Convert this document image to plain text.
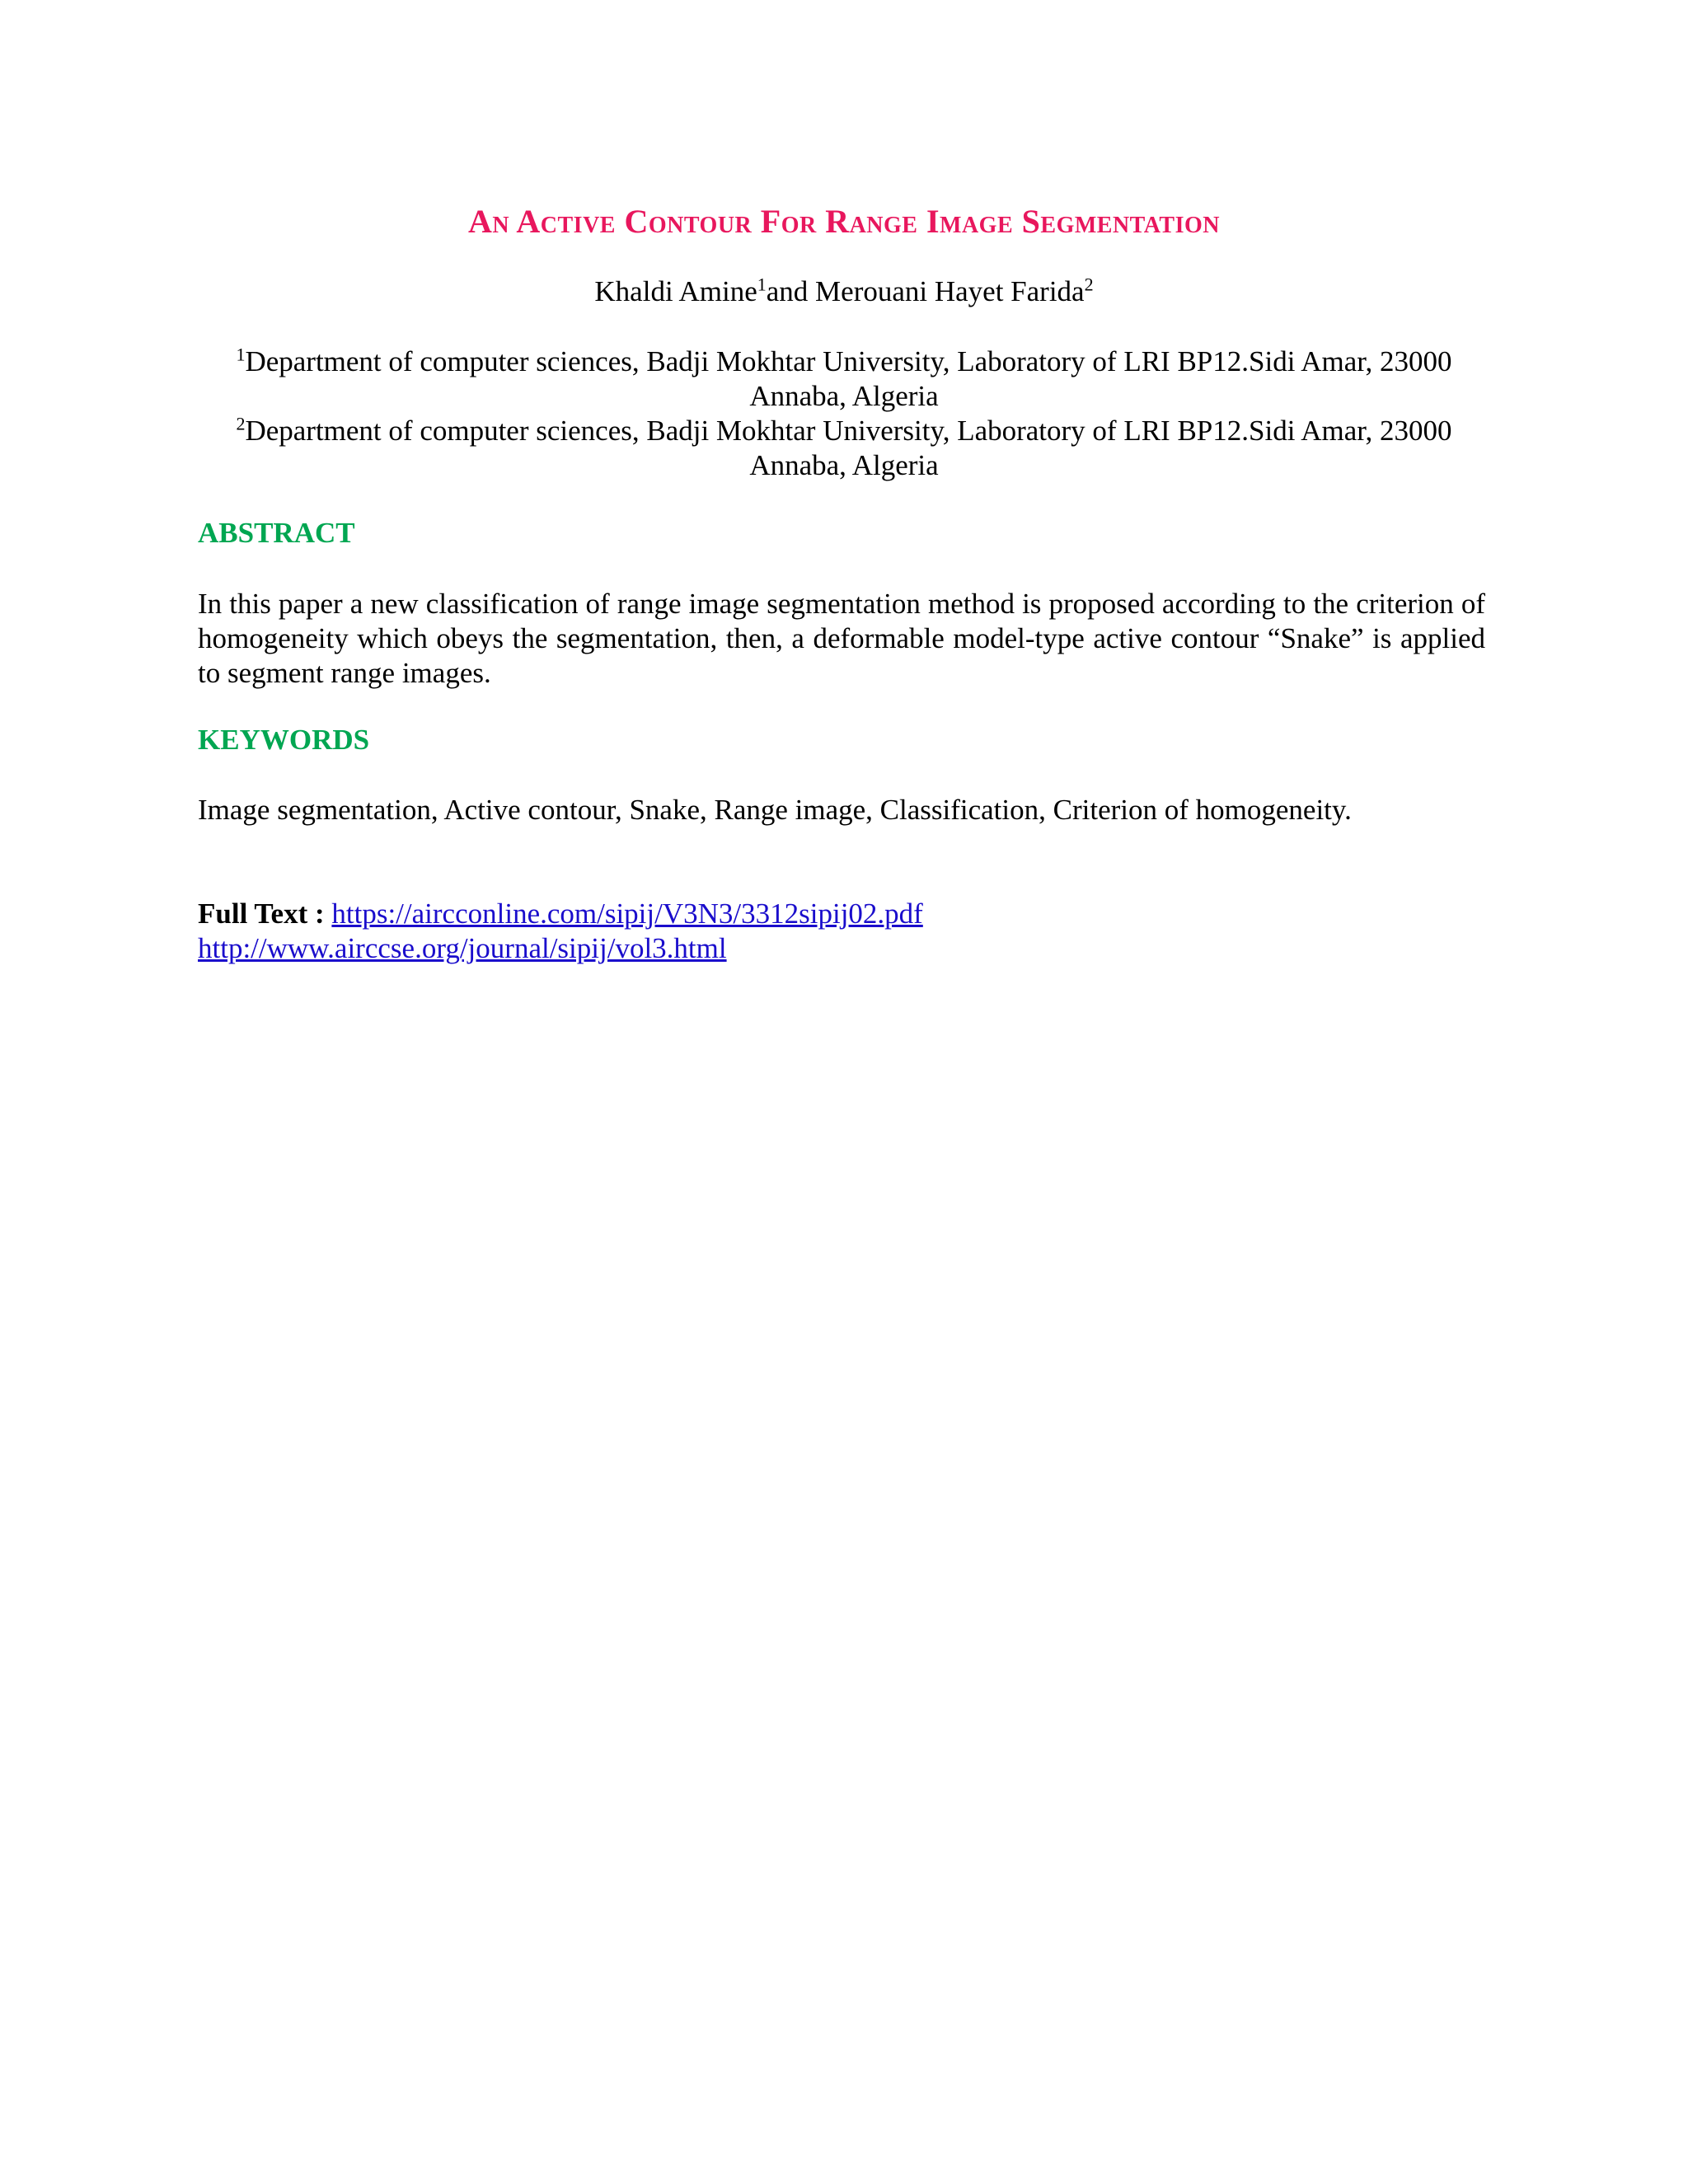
An Active Contour For Range Image Segmentation
Khaldi Amine$^1$and Merouani Hayet Farida$^2$
$^1$Department of computer sciences, Badji Mokhtar University, Laboratory of LRI BP12.Sidi Amar, 23000
Annaba, Algeria
$^2$Department of computer sciences, Badji Mokhtar University, Laboratory of LRI BP12.Sidi Amar, 23000
Annaba, Algeria
ABSTRACT
In this paper a new classification of range image segmentation method is proposed according to the criterion of homogeneity which obeys the segmentation, then, a deformable model-type active contour “Snake” is applied to segment range images.
KEYWORDS
Image segmentation, Active contour, Snake, Range image, Classification, Criterion of homogeneity.
Full Text : https://aircconline.com/sipij/V3N3/3312sipij02.pdf
http://www.airccse.org/journal/sipij/vol3.html
